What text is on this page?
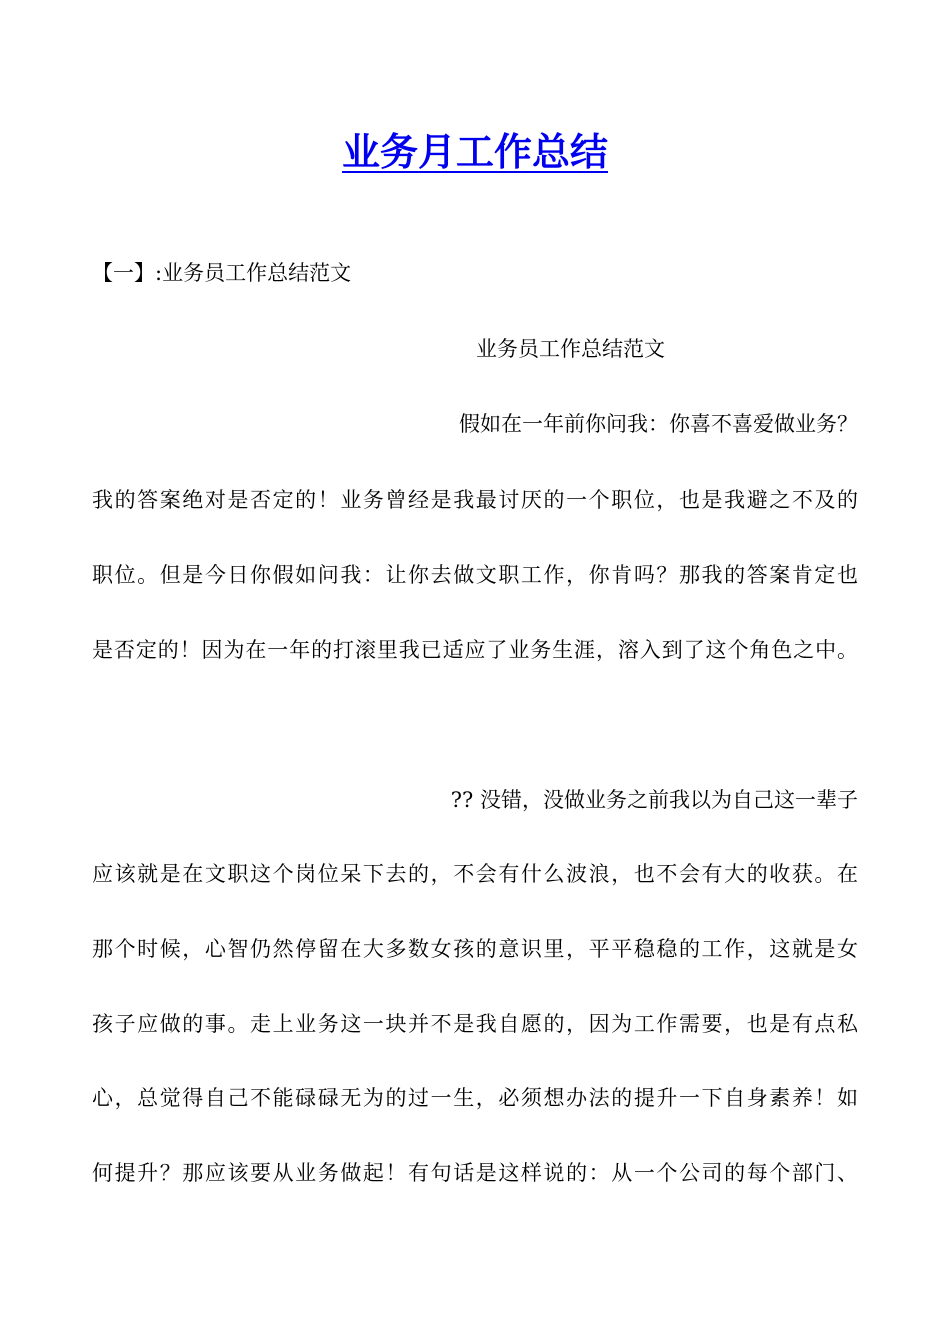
业务月工作总结

【一】:业务员工作总结范文

业务员工作总结范文

假如在一年前你问我：你喜不喜爱做业务？

我的答案绝对是否定的！业务曾经是我最讨厌的一个职位，也是我避之不及的

职位。但是今日你假如问我：让你去做文职工作，你肯吗？那我的答案肯定也

是否定的！因为在一年的打滚里我已适应了业务生涯，溶入到了这个角色之中。

?? 没错，没做业务之前我以为自己这一辈子

应该就是在文职这个岗位呆下去的，不会有什么波浪，也不会有大的收获。在

那个时候，心智仍然停留在大多数女孩的意识里，平平稳稳的工作，这就是女

孩子应做的事。走上业务这一块并不是我自愿的，因为工作需要，也是有点私

心，总觉得自己不能碌碌无为的过一生，必须想办法的提升一下自身素养！如

何提升？那应该要从业务做起！有句话是这样说的：从一个公司的每个部门、
